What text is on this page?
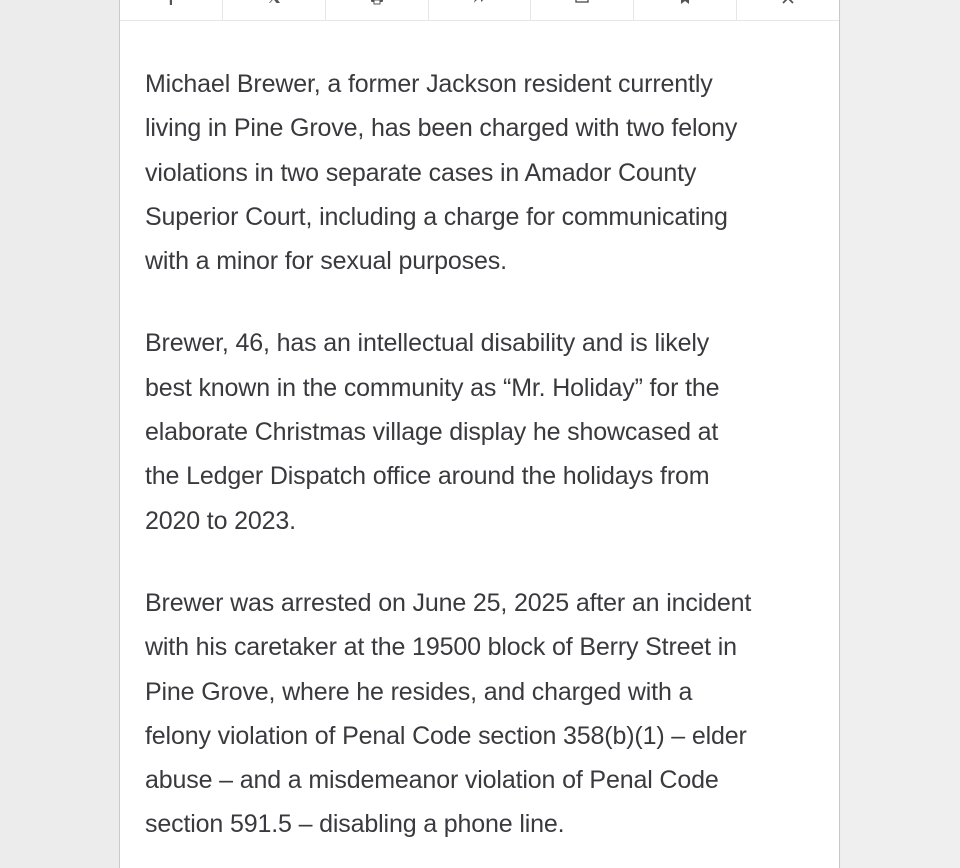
Michael Brewer, a former Jackson resident currently
living in Pine Grove, has been charged with two felony
violations in two separate cases in Amador County
Superior Court, including a charge for communicating
with a minor for sexual purposes.

Brewer, 46, has an intellectual disability and is likely
best known in the community as “Mr. Holiday” for the
elaborate Christmas village display he showcased at
the Ledger Dispatch office around the holidays from
2020 to 2023.

Brewer was arrested on June 25, 2025 after an incident
with his caretaker at the 19500 block of Berry Street in
Pine Grove, where he resides, and charged with a
felony violation of Penal Code section 358(b)(1) – elder
abuse – and a misdemeanor violation of Penal Code
section 591.5 – disabling a phone line.
